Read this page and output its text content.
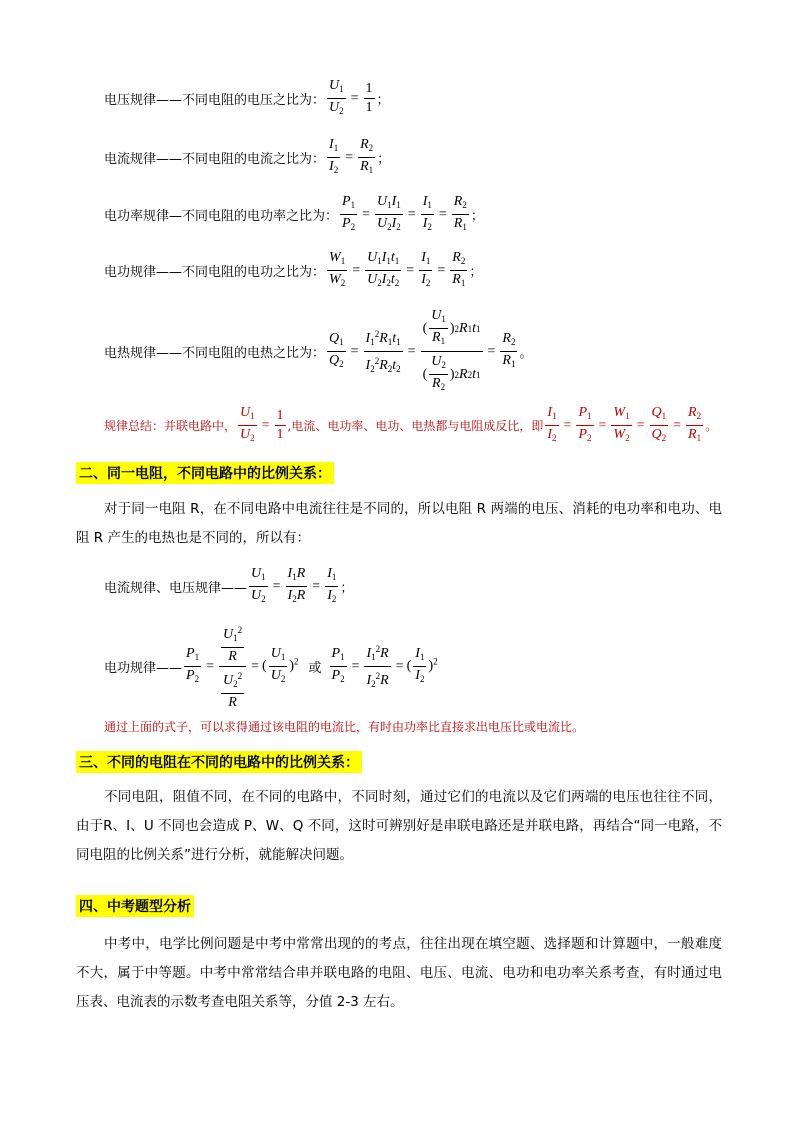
电压规律——不同电阻的电压之比为： $\frac{U_1}{U_2} = \frac{1}{1}$ ；
电流规律——不同电阻的电流之比为： $\frac{I_1}{I_2} = \frac{R_2}{R_1}$ ；
电功率规律—不同电阻的电功率之比为： $\frac{P_1}{P_2} = \frac{U_1I_1}{U_2I_2} = \frac{I_1}{I_2} = \frac{R_2}{R_1}$ ；
电功规律——不同电阻的电功之比为： $\frac{W_1}{W_2} = \frac{U_1I_1t_1}{U_2I_2t_2} = \frac{I_1}{I_2} = \frac{R_2}{R_1}$ ；
电热规律——不同电阻的电热之比为： $\frac{Q_1}{Q_2} = \frac{I_1^2R_1t_1}{I_2^2R_2t_2} = \frac{( \frac{U_1}{R_1} ) 2 R 1 t 1}{( \frac{U_2}{R_2} ) 2 R 2 t 1} = \frac{R_2}{R_1}$ 。
规律总结：并联电路中， $\frac{U_1}{U_2} = \frac{1}{1}$ ,电流、电功率、电功、电热都与电阻成反比，即 $\frac{I_1}{I_2} = \frac{P_1}{P_2} = \frac{W_1}{W_2} = \frac{Q_1}{Q_2} = \frac{R_2}{R_1}$ 。
二、同一电阻，不同电路中的比例关系：

对于同一电阻 R，在不同电路中电流往往是不同的，所以电阻 R 两端的电压、消耗的电功率和电功、电阻 R 产生的电热也是不同的，所以有：

电流规律、电压规律—— $\frac{U_1}{U_2} = \frac{I_1R}{I_2R} = \frac{I_1}{I_2}$ ；
电功规律—— $\frac{P_1}{P_2} = \frac{\frac{U_1^2}{R}}{\frac{U_2^2}{R}}$ = ( $\frac{U_1}{U_2} )^2$ 或 $\frac{P_1}{P_2} = \frac{I_1^2R}{I_2^2R}$ = ( $\frac{I_1}{I_2} )^2$
通过上面的式子，可以求得通过该电阻的电流比，有时由功率比直接求出电压比或电流比。
三、不同的电阻在不同的电路中的比例关系：

不同电阻，阻值不同，在不同的电路中，不同时刻，通过它们的电流以及它们两端的电压也往往不同，由于R、I、U 不同也会造成 P、W、Q 不同，这时可辨别好是串联电路还是并联电路，再结合“同一电路，不同电阻的比例关系”进行分析，就能解决问题。

四、中考题型分析

中考中，电学比例问题是中考中常常出现的的考点，往往出现在填空题、选择题和计算题中，一般难度不大，属于中等题。中考中常常结合串并联电路的电阻、电压、电流、电功和电功率关系考查，有时通过电压表、电流表的示数考查电阻关系等，分值 2-3 左右。
